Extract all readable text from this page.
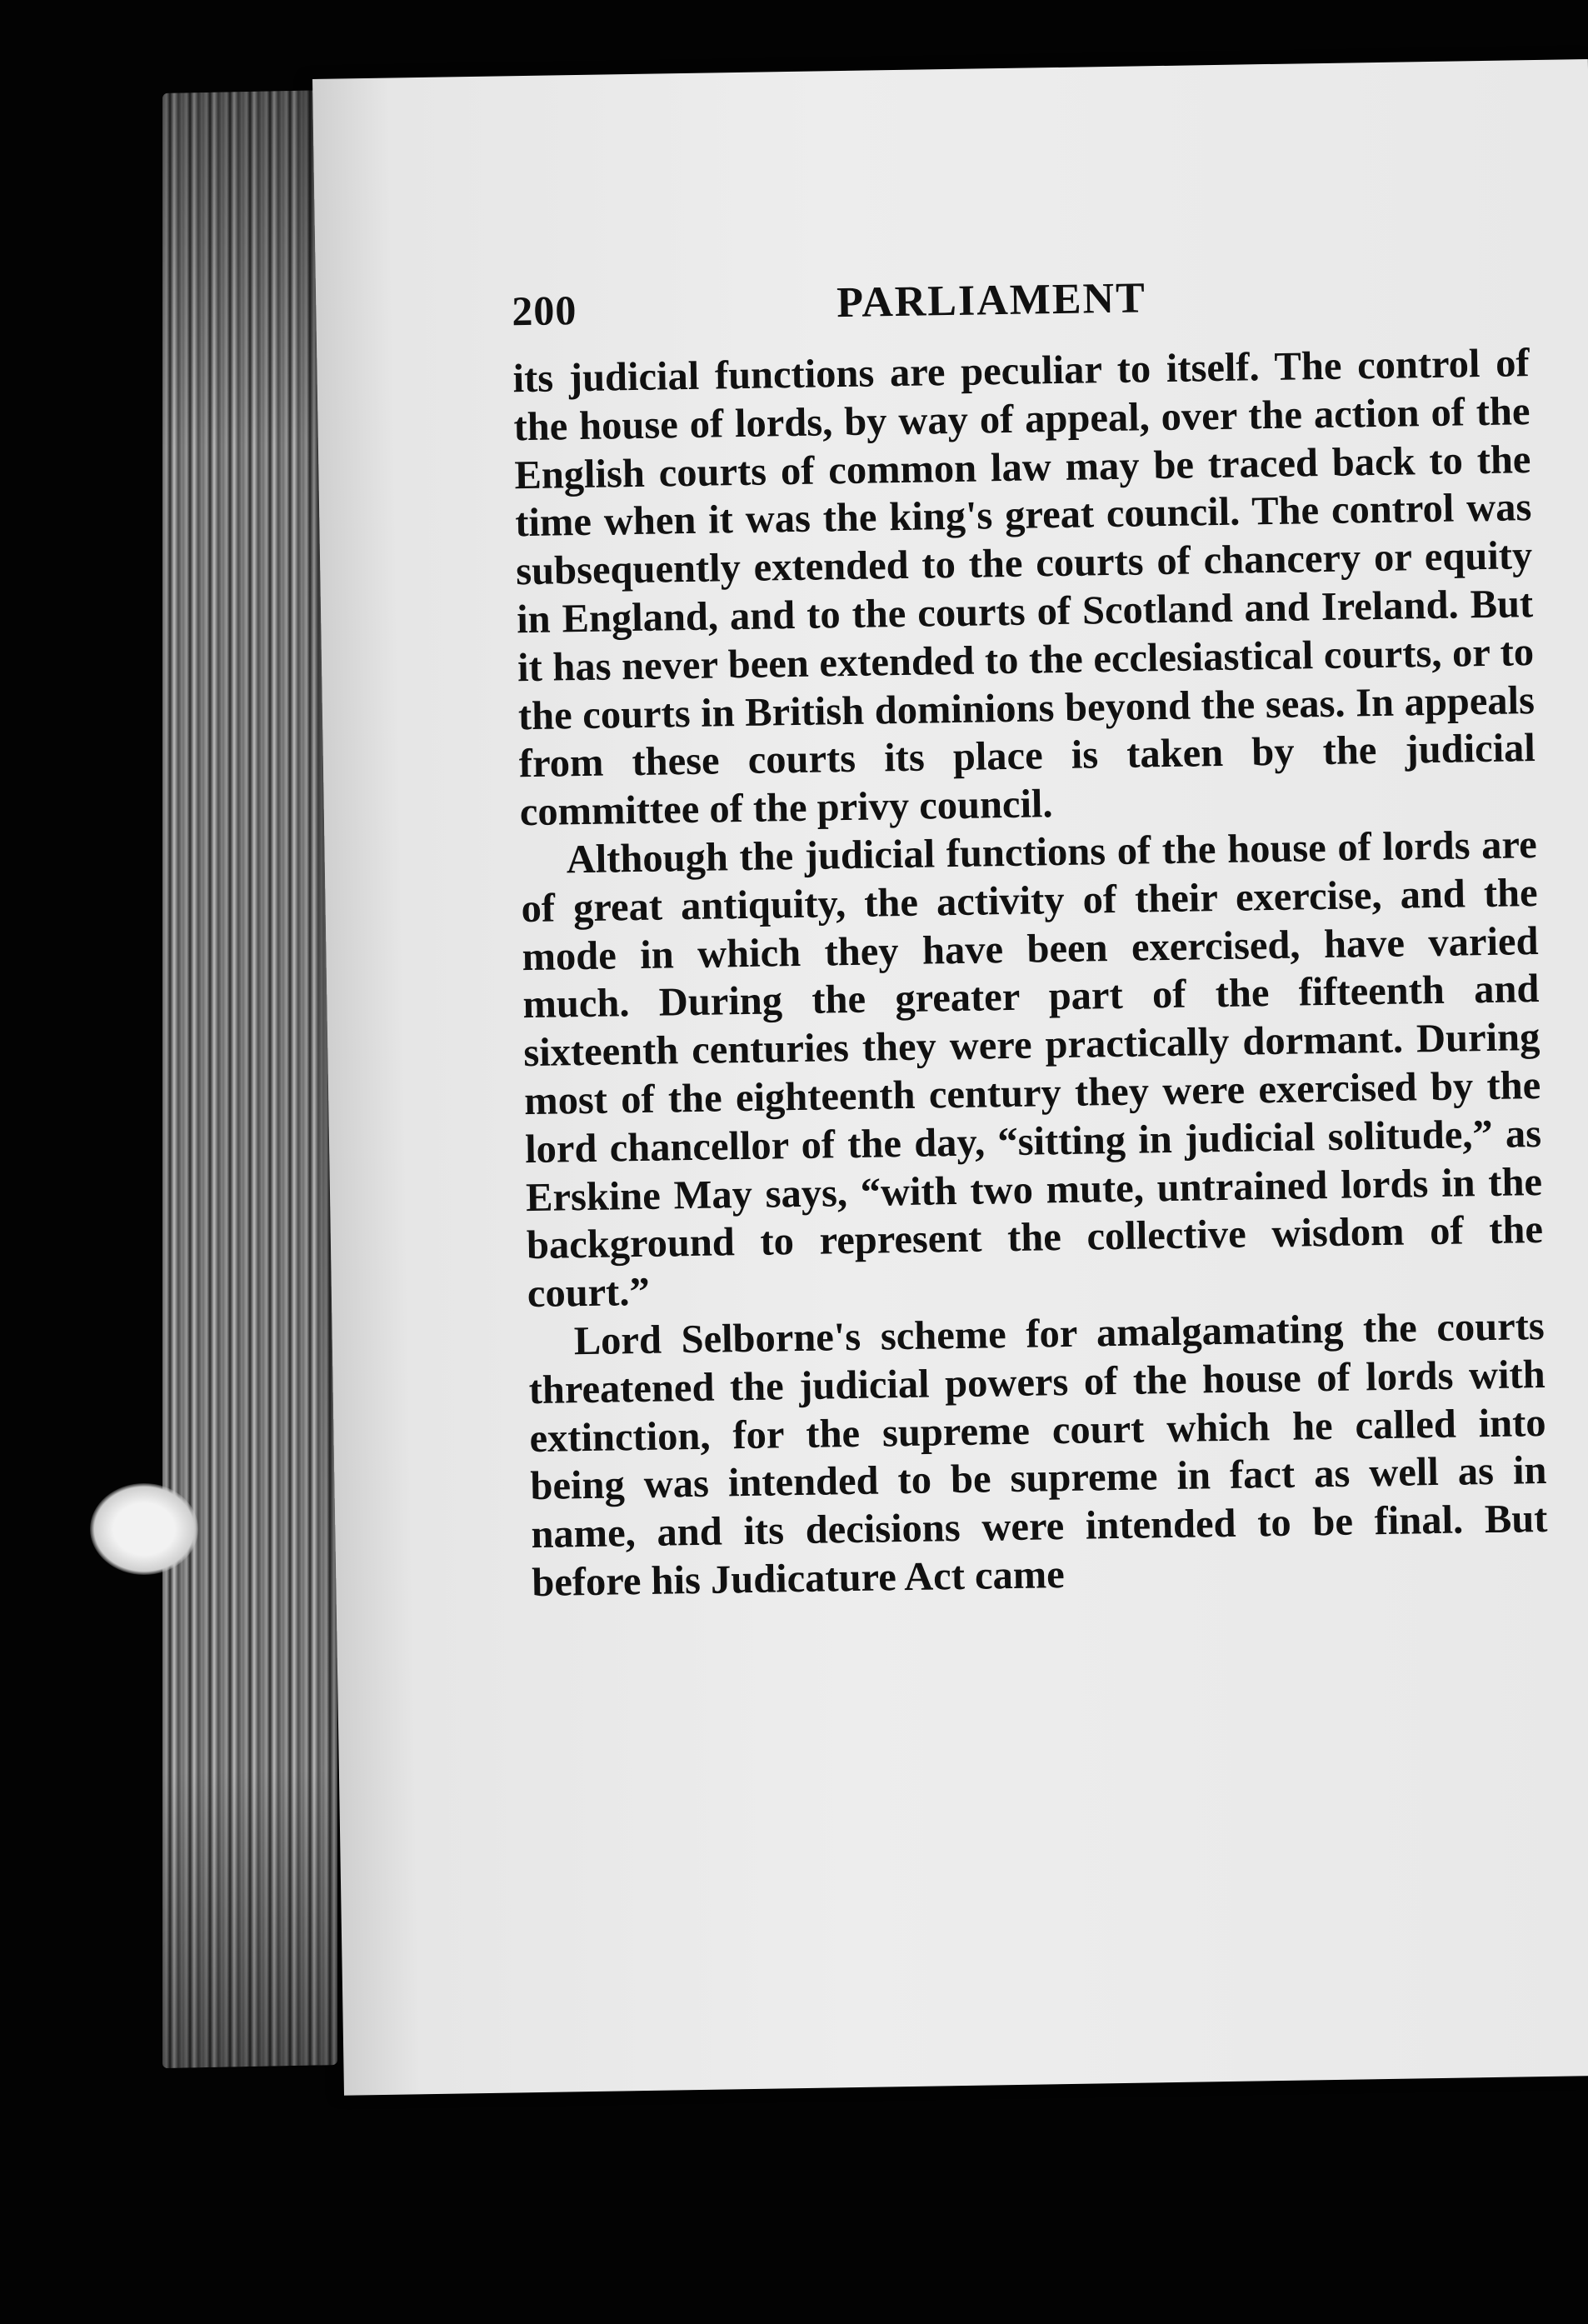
200	PARLIAMENT

its judicial functions are peculiar to itself. The control of the house of lords, by way of appeal, over the action of the English courts of common law may be traced back to the time when it was the king's great council. The control was subsequently extended to the courts of chancery or equity in England, and to the courts of Scotland and Ireland. But it has never been extended to the ecclesiastical courts, or to the courts in British dominions beyond the seas. In appeals from these courts its place is taken by the judicial committee of the privy council.

Although the judicial functions of the house of lords are of great antiquity, the activity of their exercise, and the mode in which they have been exercised, have varied much. During the greater part of the fifteenth and sixteenth centuries they were practically dormant. During most of the eighteenth century they were exercised by the lord chancellor of the day, “sitting in judicial solitude,” as Erskine May says, “with two mute, untrained lords in the background to represent the collective wisdom of the court.”

Lord Selborne's scheme for amalgamating the courts threatened the judicial powers of the house of lords with extinction, for the supreme court which he called into being was intended to be supreme in fact as well as in name, and its decisions were intended to be final. But before his Judicature Act came
